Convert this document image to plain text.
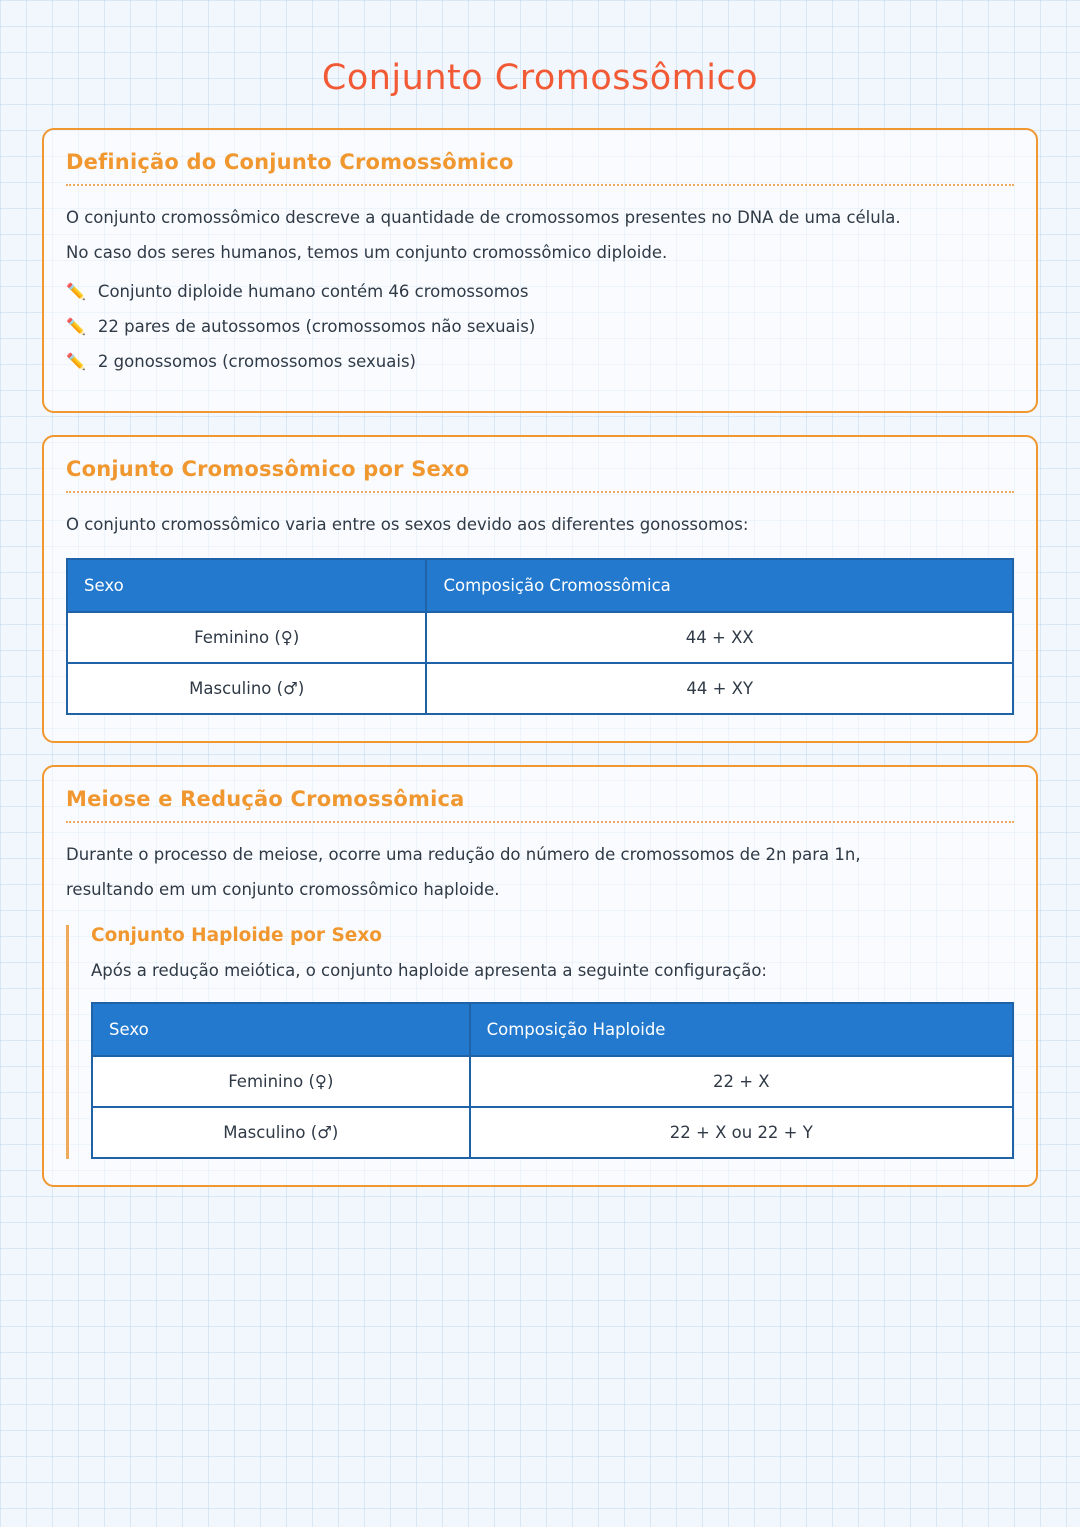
Conjunto Cromossômico
Definição do Conjunto Cromossômico

O conjunto cromossômico descreve a quantidade de cromossomos presentes no DNA de uma célula.

No caso dos seres humanos, temos um conjunto cromossômico diploide.

✏️ Conjunto diploide humano contém 46 cromossomos
✏️ 22 pares de autossomos (cromossomos não sexuais)
✏️ 2 gonossomos (cromossomos sexuais)
Conjunto Cromossômico por Sexo

O conjunto cromossômico varia entre os sexos devido aos diferentes gonossomos:

Sexo	Composição Cromossômica
Feminino (♀)	44 + XX
Masculino (♂)	44 + XY
Meiose e Redução Cromossômica

Durante o processo de meiose, ocorre uma redução do número de cromossomos de 2n para 1n,

resultando em um conjunto cromossômico haploide.

Conjunto Haploide por Sexo

Após a redução meiótica, o conjunto haploide apresenta a seguinte configuração:

Sexo	Composição Haploide
Feminino (♀)	22 + X
Masculino (♂)	22 + X ou 22 + Y
